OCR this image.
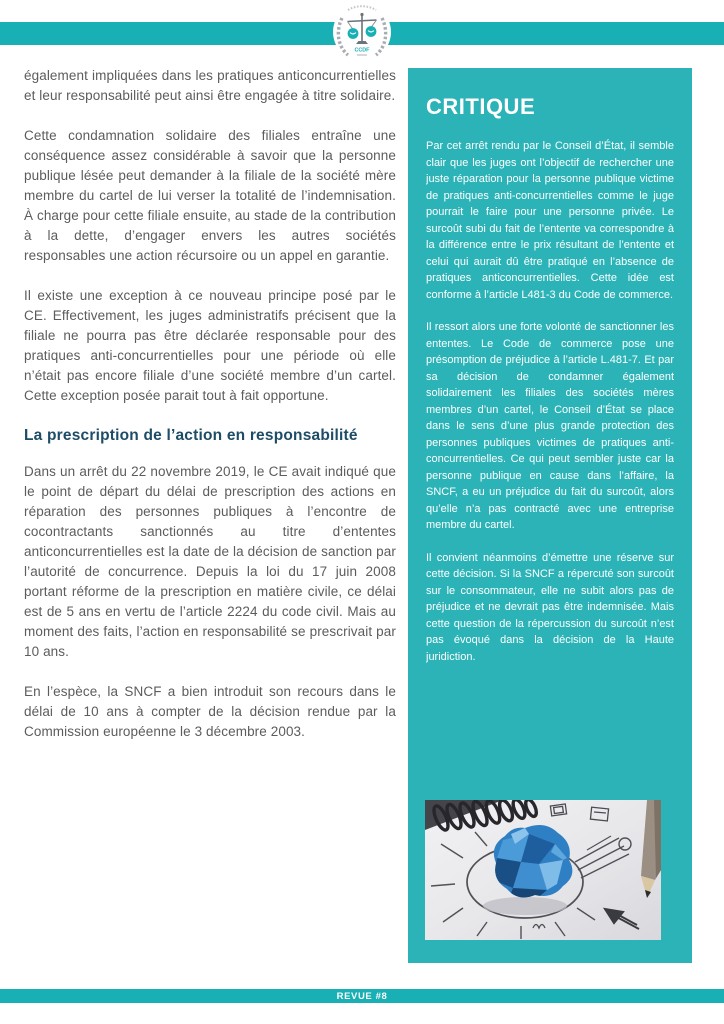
CCDF

également impliquées dans les pratiques anticoncurrentielles et leur responsabilité peut ainsi être engagée à titre solidaire.

Cette condamnation solidaire des filiales entraîne une conséquence assez considérable à savoir que la personne publique lésée peut demander à la filiale de la société mère membre du cartel de lui verser la totalité de l’indemnisation. À charge pour cette filiale ensuite, au stade de la contribution à la dette, d’engager envers les autres sociétés responsables une action récursoire ou un appel en garantie.

Il existe une exception à ce nouveau principe posé par le CE. Effectivement, les juges administratifs précisent que la filiale ne pourra pas être déclarée responsable pour des pratiques anti-concurrentielles pour une période où elle n’était pas encore filiale d’une société membre d’un cartel. Cette exception posée parait tout à fait opportune.

La prescription de l’action en responsabilité

Dans un arrêt du 22 novembre 2019, le CE avait indiqué que le point de départ du délai de prescription des actions en réparation des personnes publiques à l’encontre de cocontractants sanctionnés au titre d’ententes anticoncurrentielles est la date de la décision de sanction par l’autorité de concurrence. Depuis la loi du 17 juin 2008 portant réforme de la prescription en matière civile, ce délai est de 5 ans en vertu de l’article 2224 du code civil. Mais au moment des faits, l’action en responsabilité se prescrivait par 10 ans.

En l’espèce, la SNCF a bien introduit son recours dans le délai de 10 ans à compter de la décision rendue par la Commission européenne le 3 décembre 2003.

CRITIQUE

Par cet arrêt rendu par le Conseil d’État, il semble clair que les juges ont l’objectif de rechercher une juste réparation pour la personne publique victime de pratiques anti-concurrentielles comme le juge pourrait le faire pour une personne privée. Le surcoût subi du fait de l’entente va correspondre à la différence entre le prix résultant de l’entente et celui qui aurait dû être pratiqué en l’absence de pratiques anticoncurrentielles. Cette idée est conforme à l’article L481-3 du Code de commerce.

Il ressort alors une forte volonté de sanctionner les ententes. Le Code de commerce pose une présomption de préjudice à l’article L.481-7. Et par sa décision de condamner également solidairement les filiales des sociétés mères membres d’un cartel, le Conseil d’État se place dans le sens d’une plus grande protection des personnes publiques victimes de pratiques anti-concurrentielles. Ce qui peut sembler juste car la personne publique en cause dans l’affaire, la SNCF, a eu un préjudice du fait du surcoût, alors qu’elle n’a pas contracté avec une entreprise membre du cartel.

Il convient néanmoins d’émettre une réserve sur cette décision. Si la SNCF a répercuté son surcoût sur le consommateur, elle ne subit alors pas de préjudice et ne devrait pas être indemnisée. Mais cette question de la répercussion du surcoût n’est pas évoqué dans la décision de la Haute juridiction.

REVUE #8
